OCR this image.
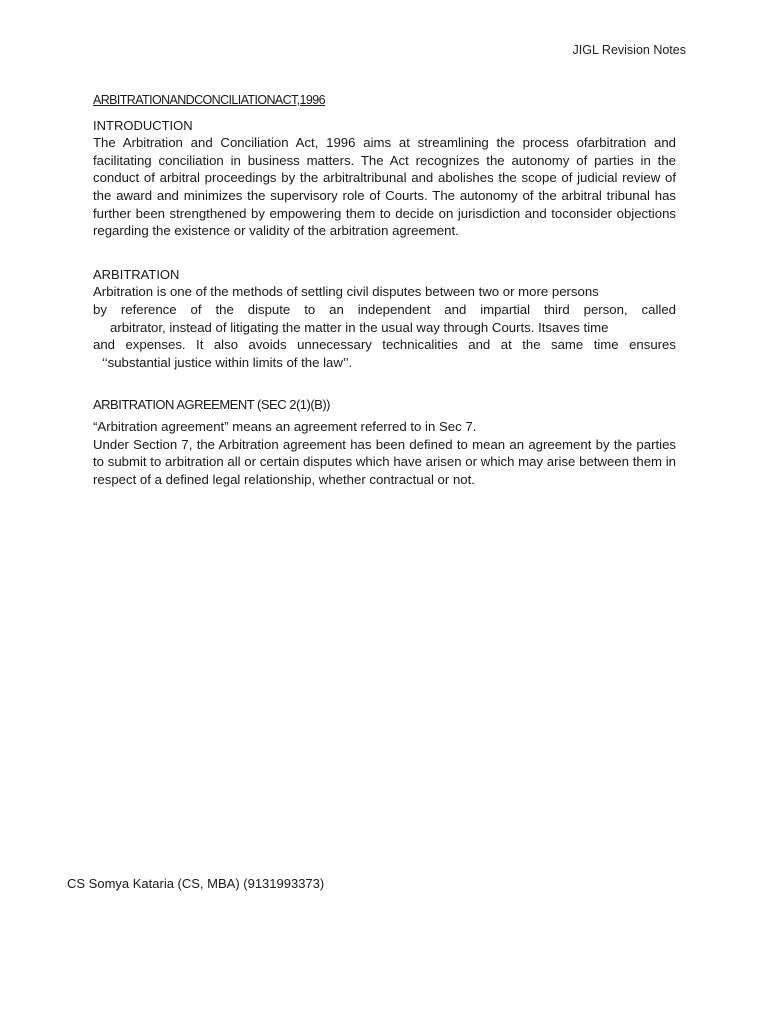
JIGL Revision Notes
ARBITRATIONANDCONCILIATIONACT,1996
INTRODUCTION

The Arbitration and Conciliation Act, 1996 aims at streamlining the process ofarbitration and facilitating conciliation in business matters. The Act recognizes the autonomy of parties in the conduct of arbitral proceedings by the arbitraltribunal and abolishes the scope of judicial review of the award and minimizes the supervisory role of Courts. The autonomy of the arbitral tribunal has further been strengthened by empowering them to decide on jurisdiction and toconsider objections regarding the existence or validity of the arbitration agreement.

ARBITRATION

Arbitration is one of the methods of settling civil disputes between two or more persons
by reference of the dispute to an independent and impartial third person, called
arbitrator, instead of litigating the matter in the usual way through Courts. Itsaves time
and expenses. It also avoids unnecessary technicalities and at the same time ensures
‘‘substantial justice within limits of the law’’.

ARBITRATION AGREEMENT (SEC 2(1)(B))

“Arbitration agreement” means an agreement referred to in Sec 7.

Under Section 7, the Arbitration agreement has been defined to mean an agreement by the parties to submit to arbitration all or certain disputes which have arisen or which may arise between them in respect of a defined legal relationship, whether contractual or not.

CS Somya Kataria (CS, MBA) (9131993373)
